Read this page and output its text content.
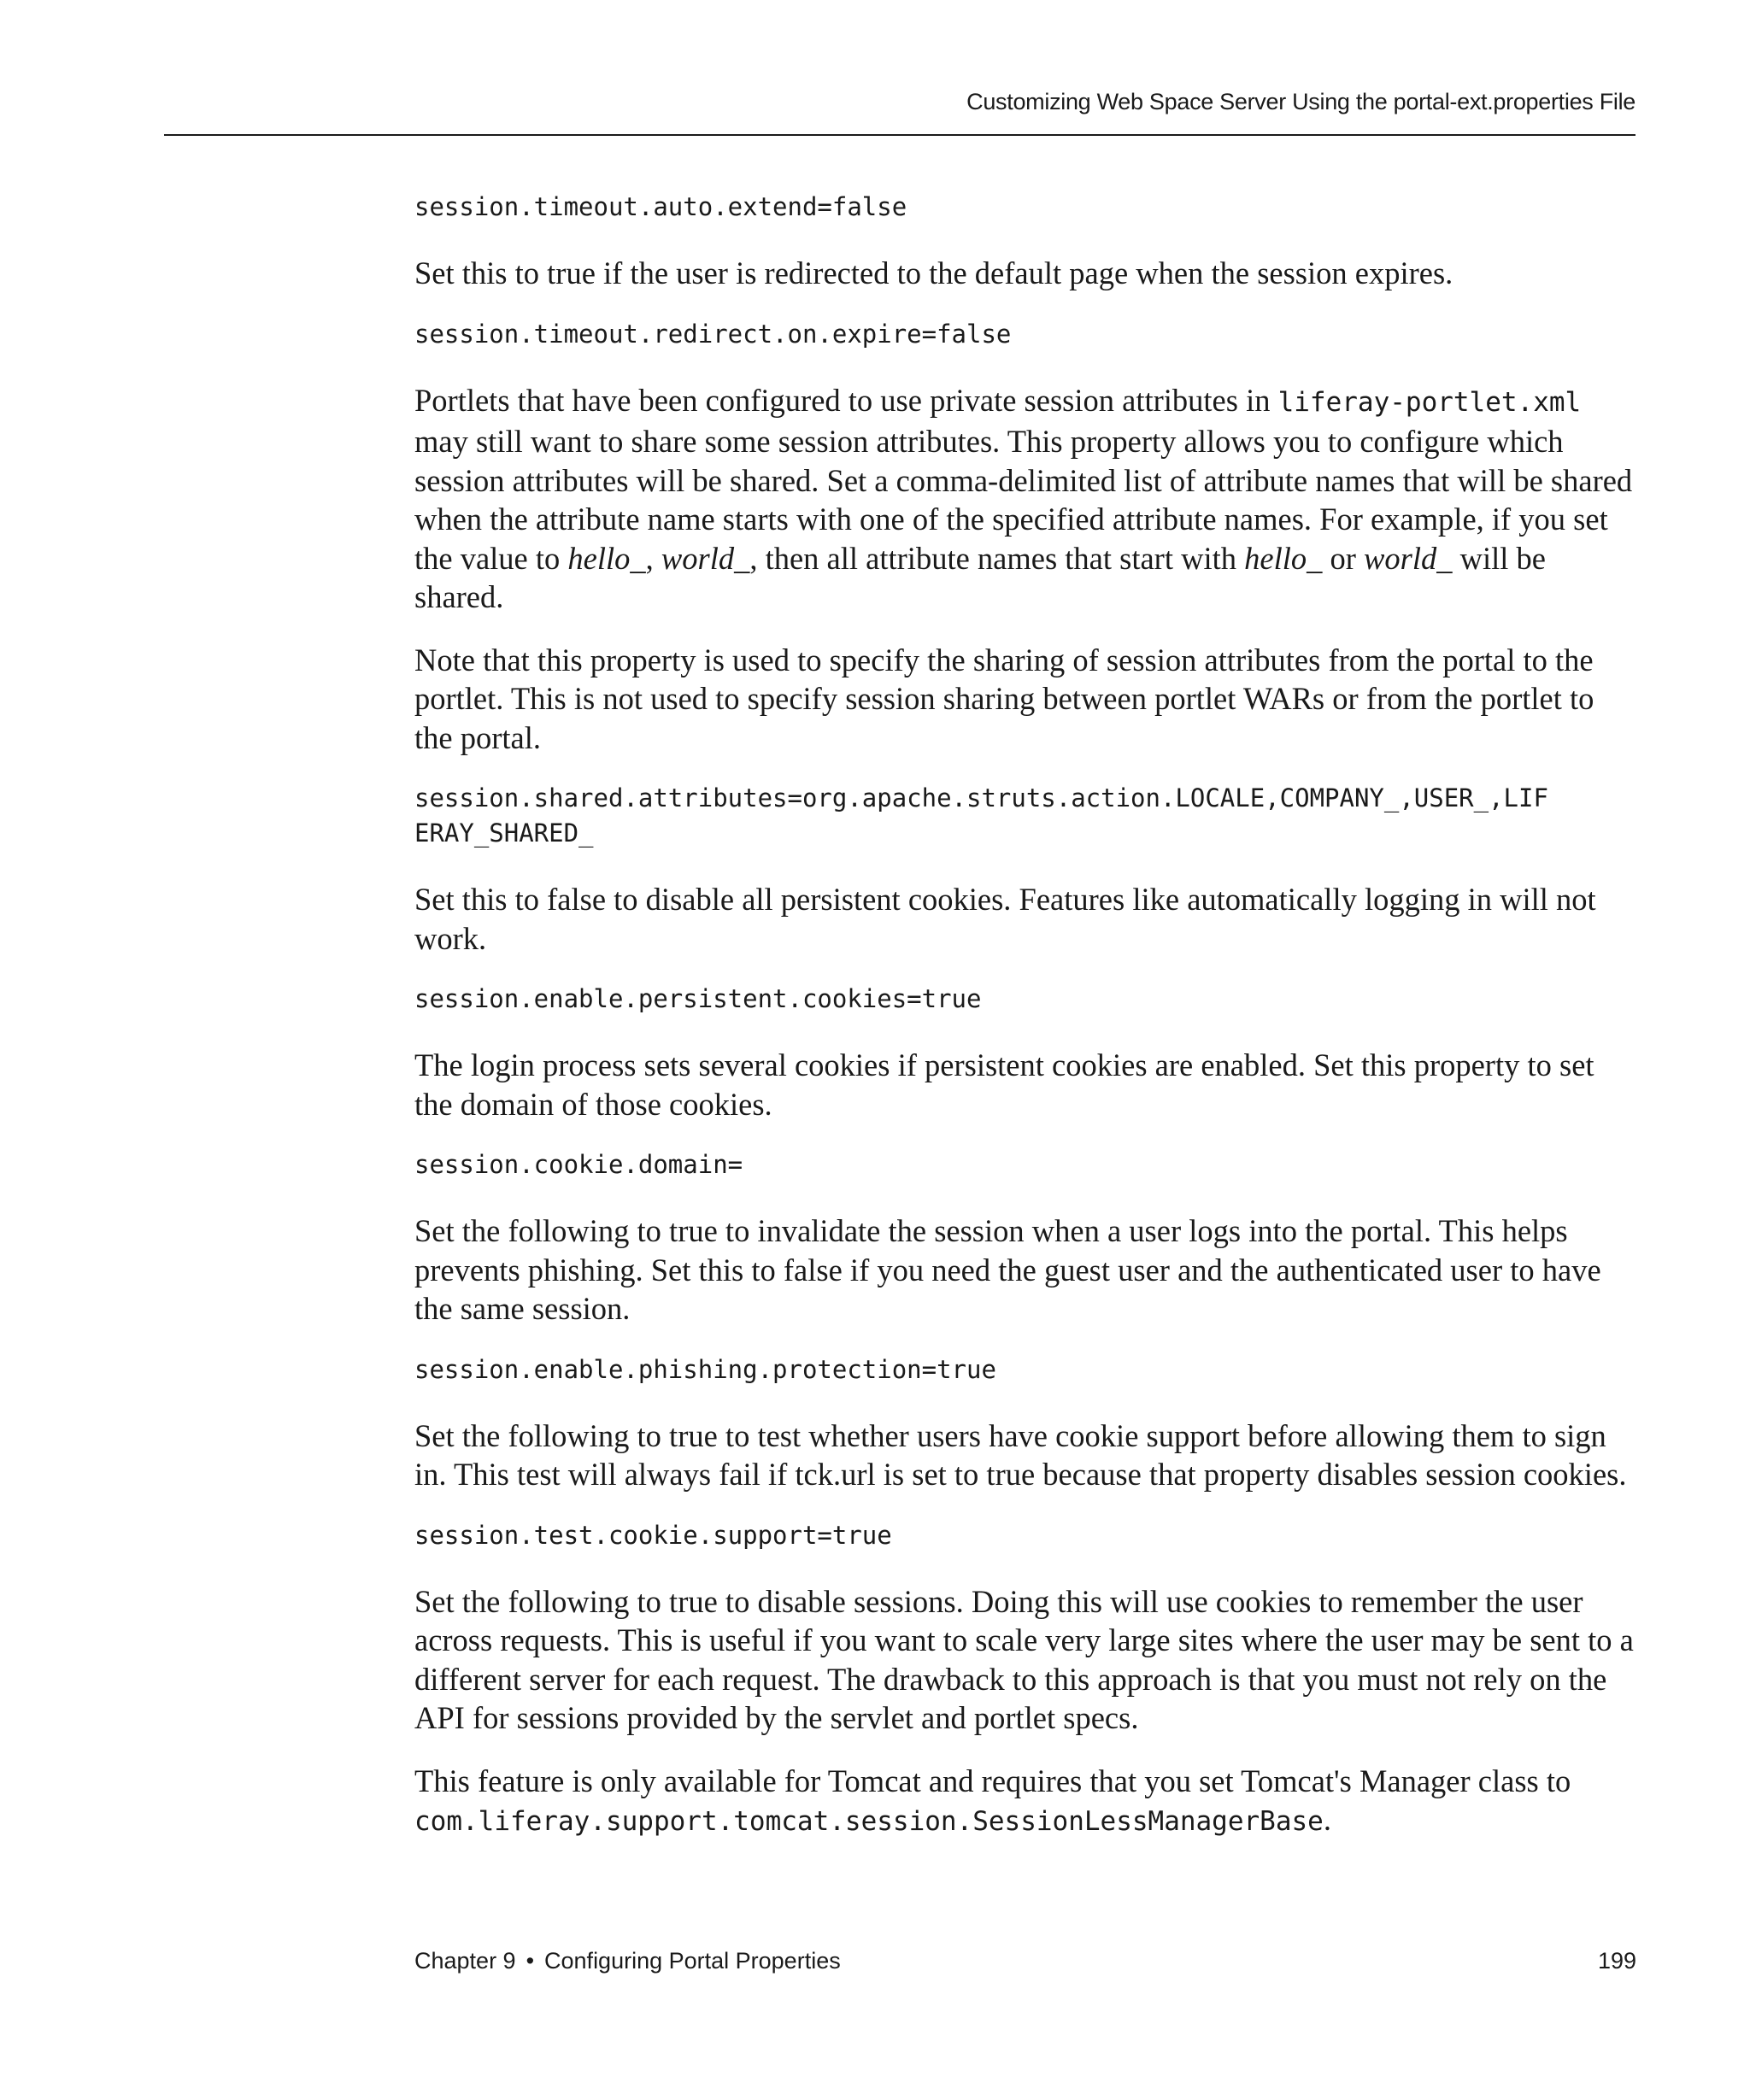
Customizing Web Space Server Using the portal-ext.properties File
session.timeout.auto.extend=false

Set this to true if the user is redirected to the default page when the session expires.

session.timeout.redirect.on.expire=false

Portlets that have been configured to use private session attributes in liferay-portlet.xml may still want to share some session attributes. This property allows you to configure which session attributes will be shared. Set a comma-delimited list of attribute names that will be shared when the attribute name starts with one of the specified attribute names. For example, if you set the value to hello_, world_, then all attribute names that start with hello_ or world_ will be shared.

Note that this property is used to specify the sharing of session attributes from the portal to the portlet. This is not used to specify session sharing between portlet WARs or from the portlet to the portal.

session.shared.attributes=org.apache.struts.action.LOCALE,COMPANY_,USER_,LIF
ERAY_SHARED_

Set this to false to disable all persistent cookies. Features like automatically logging in will not work.

session.enable.persistent.cookies=true

The login process sets several cookies if persistent cookies are enabled. Set this property to set the domain of those cookies.

session.cookie.domain=

Set the following to true to invalidate the session when a user logs into the portal. This helps prevents phishing. Set this to false if you need the guest user and the authenticated user to have the same session.

session.enable.phishing.protection=true

Set the following to true to test whether users have cookie support before allowing them to sign in. This test will always fail if tck.url is set to true because that property disables session cookies.

session.test.cookie.support=true

Set the following to true to disable sessions. Doing this will use cookies to remember the user across requests. This is useful if you want to scale very large sites where the user may be sent to a different server for each request. The drawback to this approach is that you must not rely on the API for sessions provided by the servlet and portlet specs.

This feature is only available for Tomcat and requires that you set Tomcat's Manager class to com.liferay.support.tomcat.session.SessionLessManagerBase.

Chapter 9 • Configuring Portal Properties	199
